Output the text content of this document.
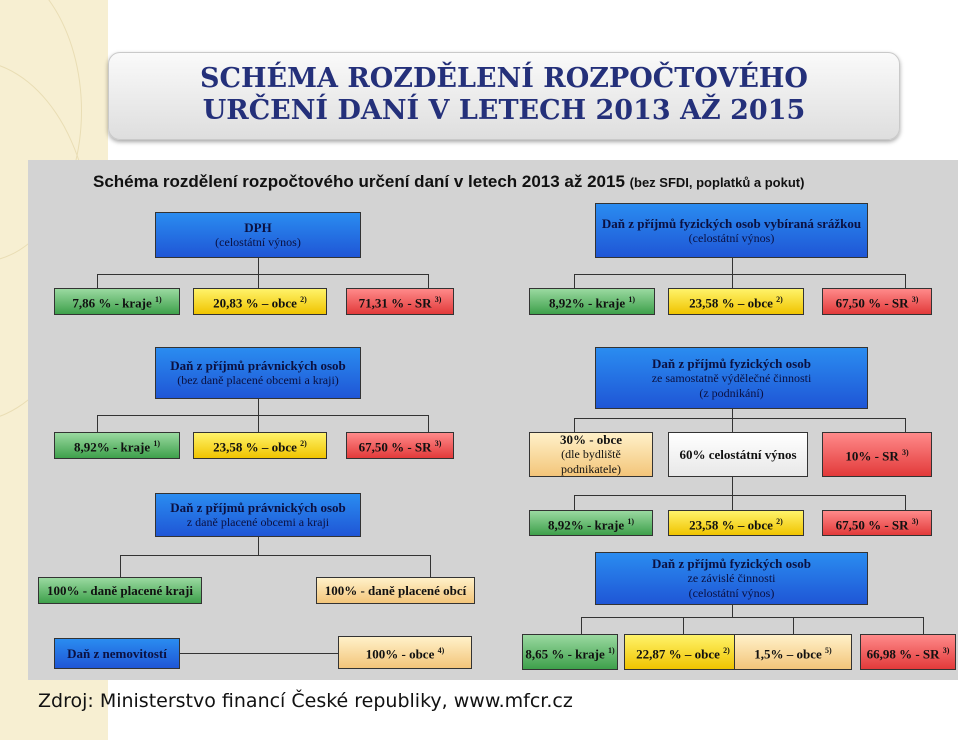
SCHÉMA ROZDĚLENÍ ROZPOČTOVÉHO
URČENÍ DANÍ V LETECH 2013 AŽ 2015
Schéma rozdělení rozpočtového určení daní v letech 2013 až 2015 (bez SFDI, poplatků a pokut)
DPH
(celostátní výnos)
7,86 % - kraje $^{1)}$	20,83 % – obce $^{2)}$	71,31 % - SR $^{3)}$
Daň z příjmů právnických osob
(bez daně placené obcemi a kraji)
8,92% - kraje $^{1)}$	23,58 % – obce $^{2)}$	67,50 % - SR $^{3)}$
Daň z příjmů právnických osob
z daně placené obcemi a kraji
100% - daně placené kraji	100% - daně placené obcí
Daň z nemovitostí	100% - obce $^{4)}$
Daň z příjmů fyzických osob vybíraná srážkou
(celostátní výnos)
8,92% - kraje $^{1)}$	23,58 % – obce $^{2)}$	67,50 % - SR $^{3)}$
Daň z příjmů fyzických osob
ze samostatně výdělečné činnosti
(z podnikání)
30% - obce
(dle bydliště podnikatele)
60% celostátní výnos	10% - SR $^{3)}$
8,92% - kraje $^{1)}$	23,58 % – obce $^{2)}$	67,50 % - SR $^{3)}$
Daň z příjmů fyzických osob
ze závislé činnosti
(celostátní výnos)
8,65 % - kraje $^{1)}$ 22,87 % – obce $^{2)}$ 1,5% – obce $^{5)}$	66,98 % - SR $^{3)}$
Zdroj: Ministerstvo financí České republiky, www.mfcr.cz
